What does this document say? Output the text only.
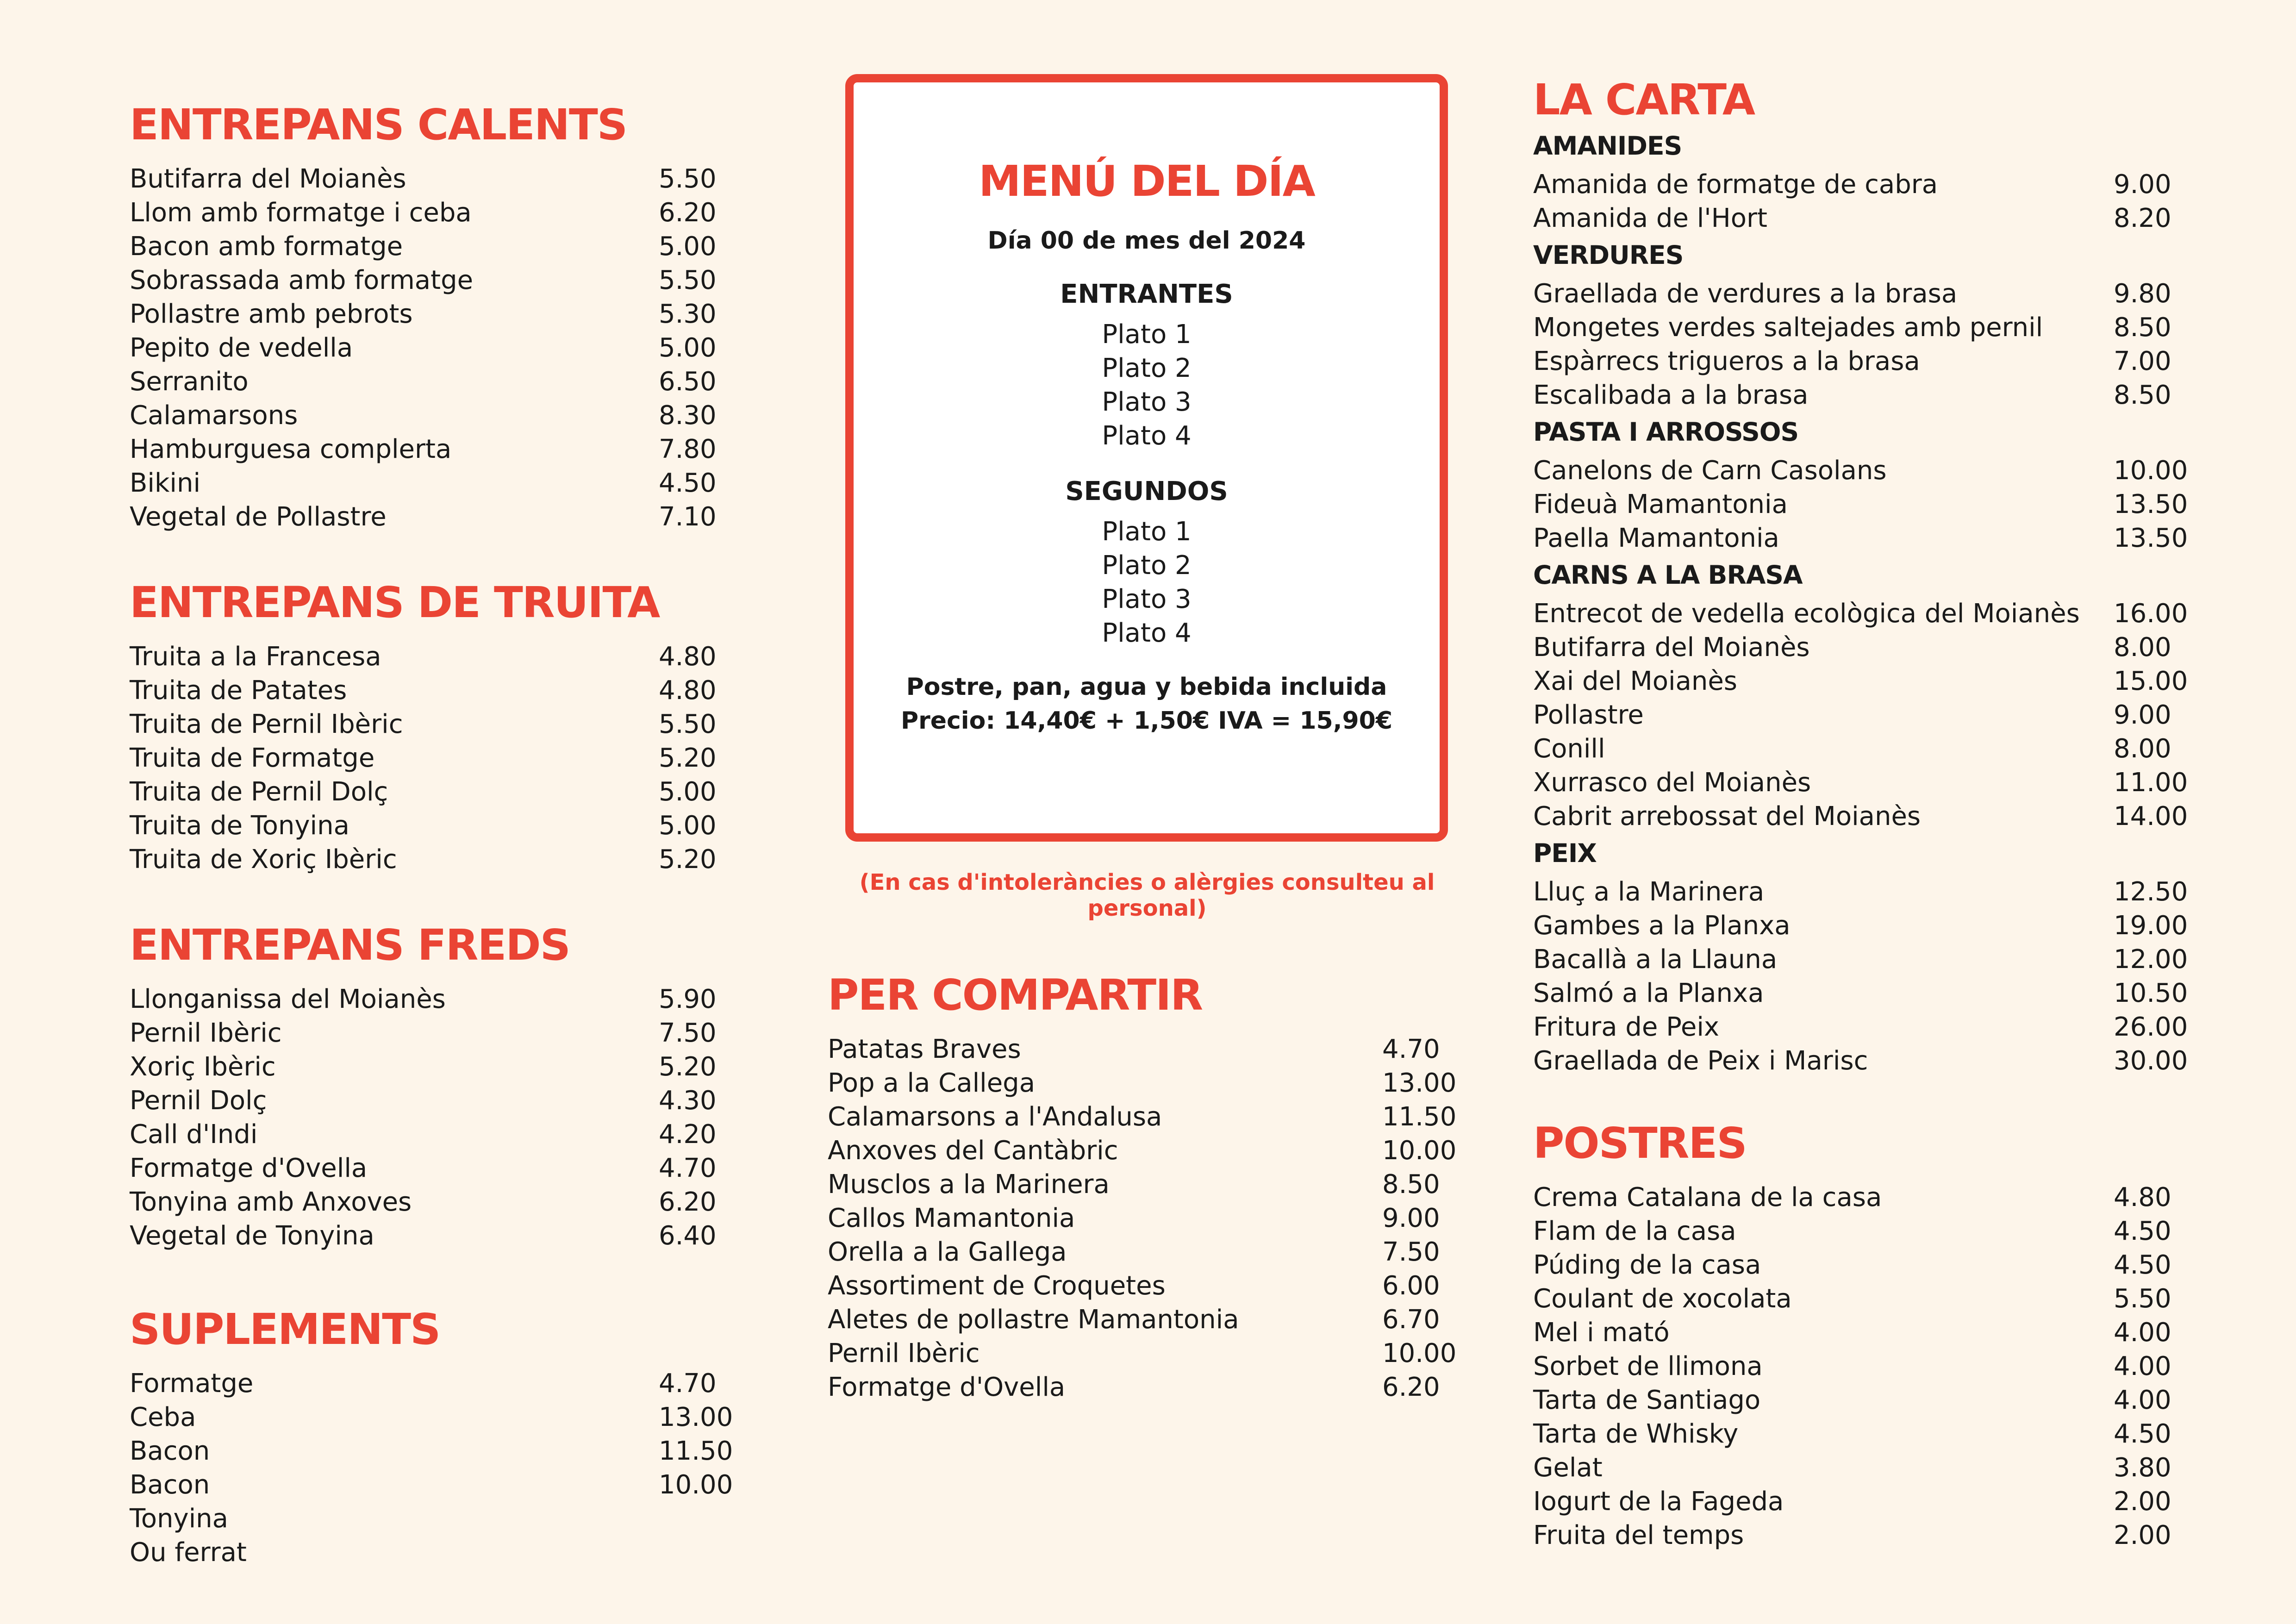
ENTREPANS CALENTS
Butifarra del Moianès	5.50
Llom amb formatge i ceba	6.20
Bacon amb formatge	5.00
Sobrassada amb formatge	5.50
Pollastre amb pebrots	5.30
Pepito de vedella	5.00
Serranito	6.50
Calamarsons	8.30
Hamburguesa complerta	7.80
Bikini	4.50
Vegetal de Pollastre	7.10
ENTREPANS DE TRUITA
Truita a la Francesa	4.80
Truita de Patates	4.80
Truita de Pernil Ibèric	5.50
Truita de Formatge	5.20
Truita de Pernil Dolç	5.00
Truita de Tonyina	5.00
Truita de Xoriç Ibèric	5.20
ENTREPANS FREDS
Llonganissa del Moianès	5.90
Pernil Ibèric	7.50
Xoriç Ibèric	5.20
Pernil Dolç	4.30
Call d'Indi	4.20
Formatge d'Ovella	4.70
Tonyina amb Anxoves	6.20
Vegetal de Tonyina	6.40
SUPLEMENTS
Formatge	4.70
Ceba	13.00
Bacon	11.50
Bacon	10.00
Tonyina
Ou ferrat
MENÚ DEL DÍA
Día 00 de mes del 2024
ENTRANTES
Plato 1
Plato 2
Plato 3
Plato 4
SEGUNDOS
Plato 1
Plato 2
Plato 3
Plato 4
Postre, pan, agua y bebida incluida
Precio: 14,40€ + 1,50€ IVA = 15,90€
(En cas d'intoleràncies o alèrgies consulteu al personal)
PER COMPARTIR
Patatas Braves	4.70
Pop a la Callega	13.00
Calamarsons a l'Andalusa	11.50
Anxoves del Cantàbric	10.00
Musclos a la Marinera	8.50
Callos Mamantonia	9.00
Orella a la Gallega	7.50
Assortiment de Croquetes	6.00
Aletes de pollastre Mamantonia	6.70
Pernil Ibèric	10.00
Formatge d'Ovella	6.20
LA CARTA
AMANIDES
Amanida de formatge de cabra	9.00
Amanida de l'Hort	8.20
VERDURES
Graellada de verdures a la brasa	9.80
Mongetes verdes saltejades amb pernil	8.50
Espàrrecs trigueros a la brasa	7.00
Escalibada a la brasa	8.50
PASTA I ARROSSOS
Canelons de Carn Casolans	10.00
Fideuà Mamantonia	13.50
Paella Mamantonia	13.50
CARNS A LA BRASA
Entrecot de vedella ecològica del Moianès 16.00
Butifarra del Moianès	8.00
Xai del Moianès	15.00
Pollastre	9.00
Conill	8.00
Xurrasco del Moianès	11.00
Cabrit arrebossat del Moianès	14.00
PEIX
Lluç a la Marinera	12.50
Gambes a la Planxa	19.00
Bacallà a la Llauna	12.00
Salmó a la Planxa	10.50
Fritura de Peix	26.00
Graellada de Peix i Marisc	30.00
POSTRES
Crema Catalana de la casa	4.80
Flam de la casa	4.50
Púding de la casa	4.50
Coulant de xocolata	5.50
Mel i mató	4.00
Sorbet de llimona	4.00
Tarta de Santiago	4.00
Tarta de Whisky	4.50
Gelat	3.80
Iogurt de la Fageda	2.00
Fruita del temps	2.00
